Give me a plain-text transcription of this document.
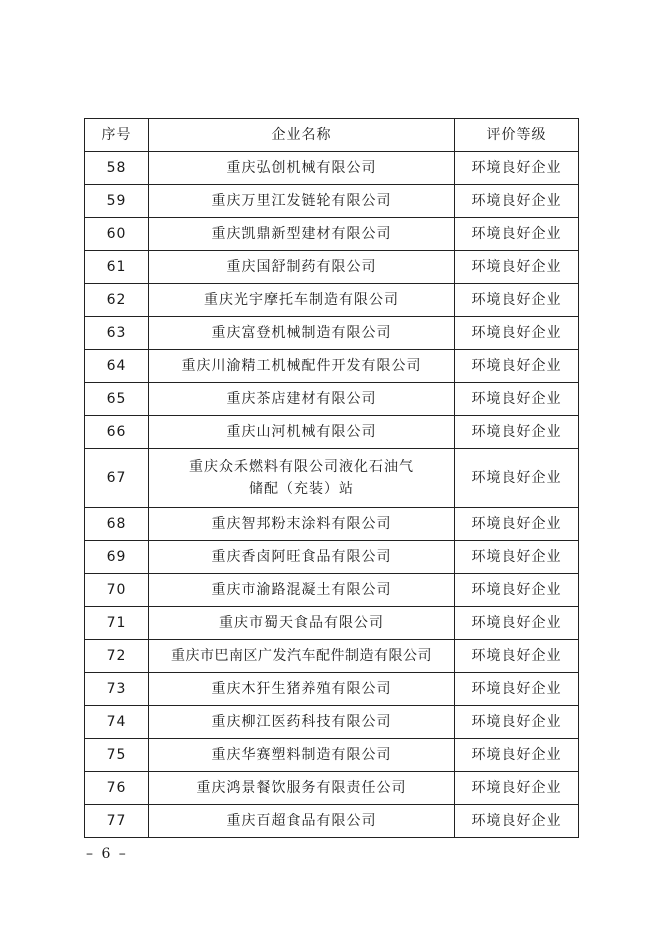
序号	企业名称	评价等级
58	重庆弘创机械有限公司	环境良好企业
59	重庆万里江发链轮有限公司	环境良好企业
60	重庆凯鼎新型建材有限公司	环境良好企业
61	重庆国舒制药有限公司	环境良好企业
62	重庆光宇摩托车制造有限公司	环境良好企业
63	重庆富登机械制造有限公司	环境良好企业
64	重庆川渝精工机械配件开发有限公司	环境良好企业
65	重庆茶店建材有限公司	环境良好企业
66	重庆山河机械有限公司	环境良好企业
67	重庆众禾燃料有限公司液化石油气
储配（充装）站	环境良好企业
68	重庆智邦粉末涂料有限公司	环境良好企业
69	重庆香卤阿旺食品有限公司	环境良好企业
70	重庆市渝路混凝土有限公司	环境良好企业
71	重庆市蜀天食品有限公司	环境良好企业
72	重庆市巴南区广发汽车配件制造有限公司	环境良好企业
73	重庆木犴生猪养殖有限公司	环境良好企业
74	重庆柳江医药科技有限公司	环境良好企业
75	重庆华赛塑料制造有限公司	环境良好企业
76	重庆鸿景餐饮服务有限责任公司	环境良好企业
77	重庆百超食品有限公司	环境良好企业
– 6 –
